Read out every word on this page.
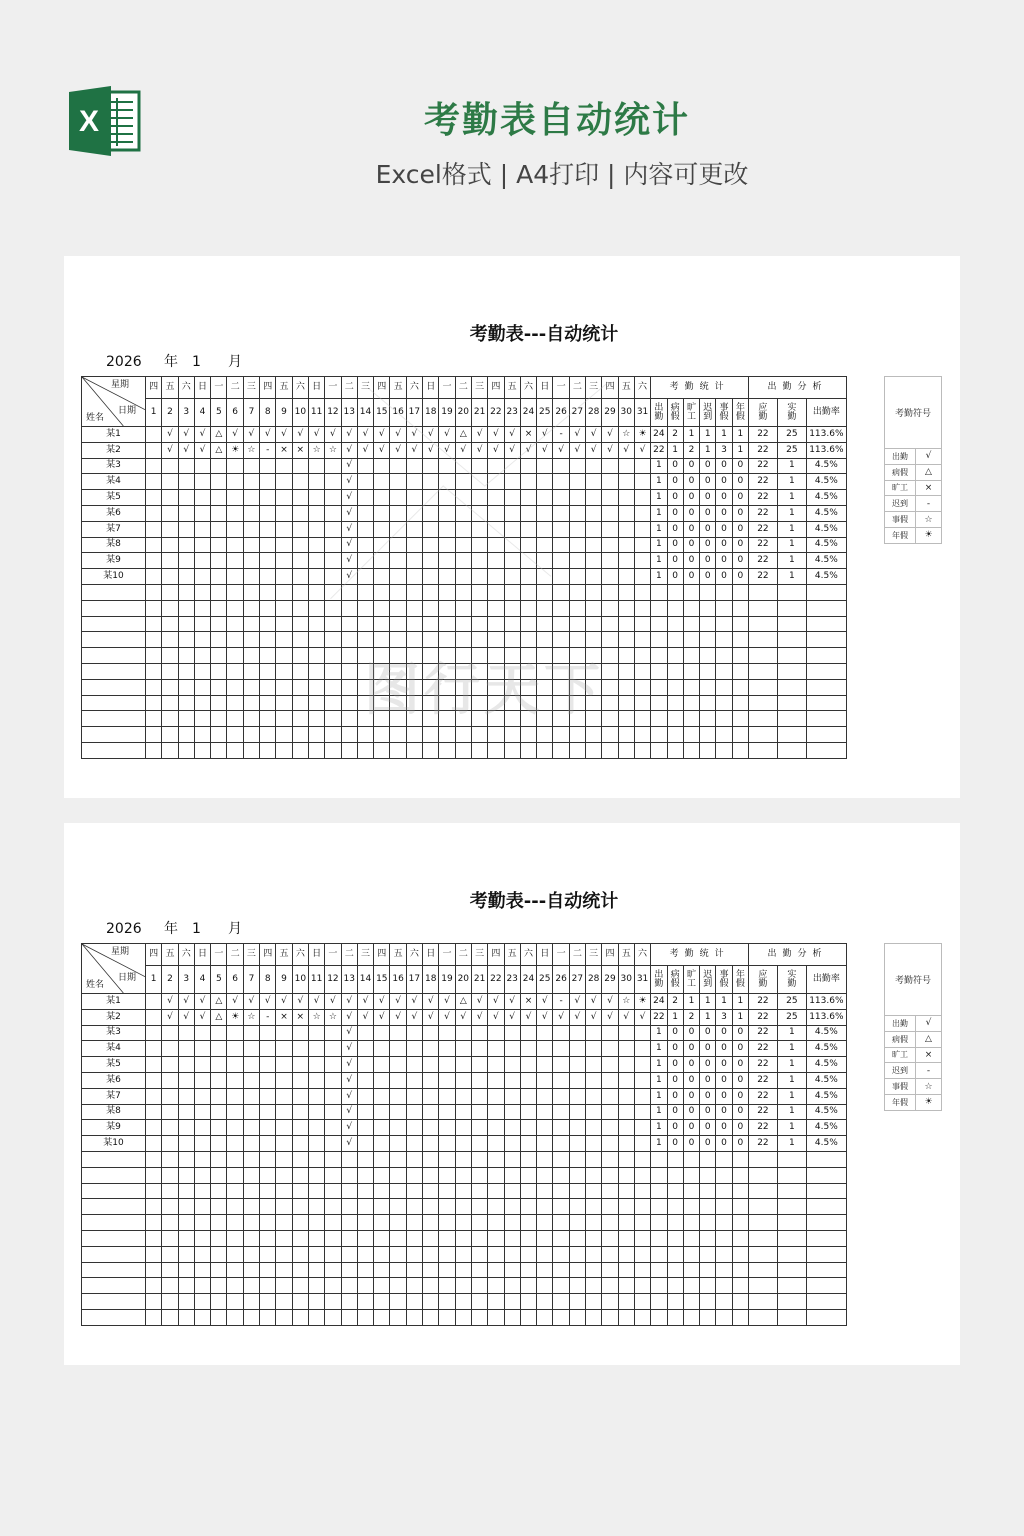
X	考勤表自动统计
Excel格式 | A4打印 | 内容可更改
考勤表---自动统计
2026 年 1 月
星期
日期
姓名	四	五	六	日	一	二	三	四	五	六	日	一	二	三	四	五	六	日	一	二	三	四	五	六	日	一	二	三	四	五	六	考勤统计						出勤分析		
	1	2	3	4	5	6	7	8	9	10	11	12	13	14	15	16	17	18	19	20	21	22	23	24	25	26	27	28	29	30	31	出勤	病假	旷工	迟到	事假	年假	应勤	实勤	出勤率
某1		√	√	√	△	√	√	√	√	√	√	√	√	√	√	√	√	√	√	△	√	√	√	×	√	-	√	√	√	☆	☀	24	2	1	1	1	1	22	25	113.6%
某2		√	√	√	△	☀	☆	-	×	×	☆	☆	√	√	√	√	√	√	√	√	√	√	√	√	√	√	√	√	√	√	√	22	1	2	1	3	1	22	25	113.6%
某3													√																			1	0	0	0	0	0	22	1	4.5%
某4													√																			1	0	0	0	0	0	22	1	4.5%
某5													√																			1	0	0	0	0	0	22	1	4.5%
某6													√																			1	0	0	0	0	0	22	1	4.5%
某7													√																			1	0	0	0	0	0	22	1	4.5%
某8													√																			1	0	0	0	0	0	22	1	4.5%
某9													√																			1	0	0	0	0	0	22	1	4.5%
某10													√																			1	0	0	0	0	0	22	1	4.5%

考勤符号
出勤	√
病假	△
旷工	×
迟到	-
事假	☆
年假	☀
图行天下
考勤表---自动统计
2026 年 1 月
星期
日期
姓名	四	五	六	日	一	二	三	四	五	六	日	一	二	三	四	五	六	日	一	二	三	四	五	六	日	一	二	三	四	五	六	考勤统计						出勤分析		
	1	2	3	4	5	6	7	8	9	10	11	12	13	14	15	16	17	18	19	20	21	22	23	24	25	26	27	28	29	30	31	出勤	病假	旷工	迟到	事假	年假	应勤	实勤	出勤率
某1		√	√	√	△	√	√	√	√	√	√	√	√	√	√	√	√	√	√	△	√	√	√	×	√	-	√	√	√	☆	☀	24	2	1	1	1	1	22	25	113.6%
某2		√	√	√	△	☀	☆	-	×	×	☆	☆	√	√	√	√	√	√	√	√	√	√	√	√	√	√	√	√	√	√	√	22	1	2	1	3	1	22	25	113.6%
某3													√																			1	0	0	0	0	0	22	1	4.5%
某4													√																			1	0	0	0	0	0	22	1	4.5%
某5													√																			1	0	0	0	0	0	22	1	4.5%
某6													√																			1	0	0	0	0	0	22	1	4.5%
某7													√																			1	0	0	0	0	0	22	1	4.5%
某8													√																			1	0	0	0	0	0	22	1	4.5%
某9													√																			1	0	0	0	0	0	22	1	4.5%
某10													√																			1	0	0	0	0	0	22	1	4.5%

考勤符号
出勤	√
病假	△
旷工	×
迟到	-
事假	☆
年假	☀
